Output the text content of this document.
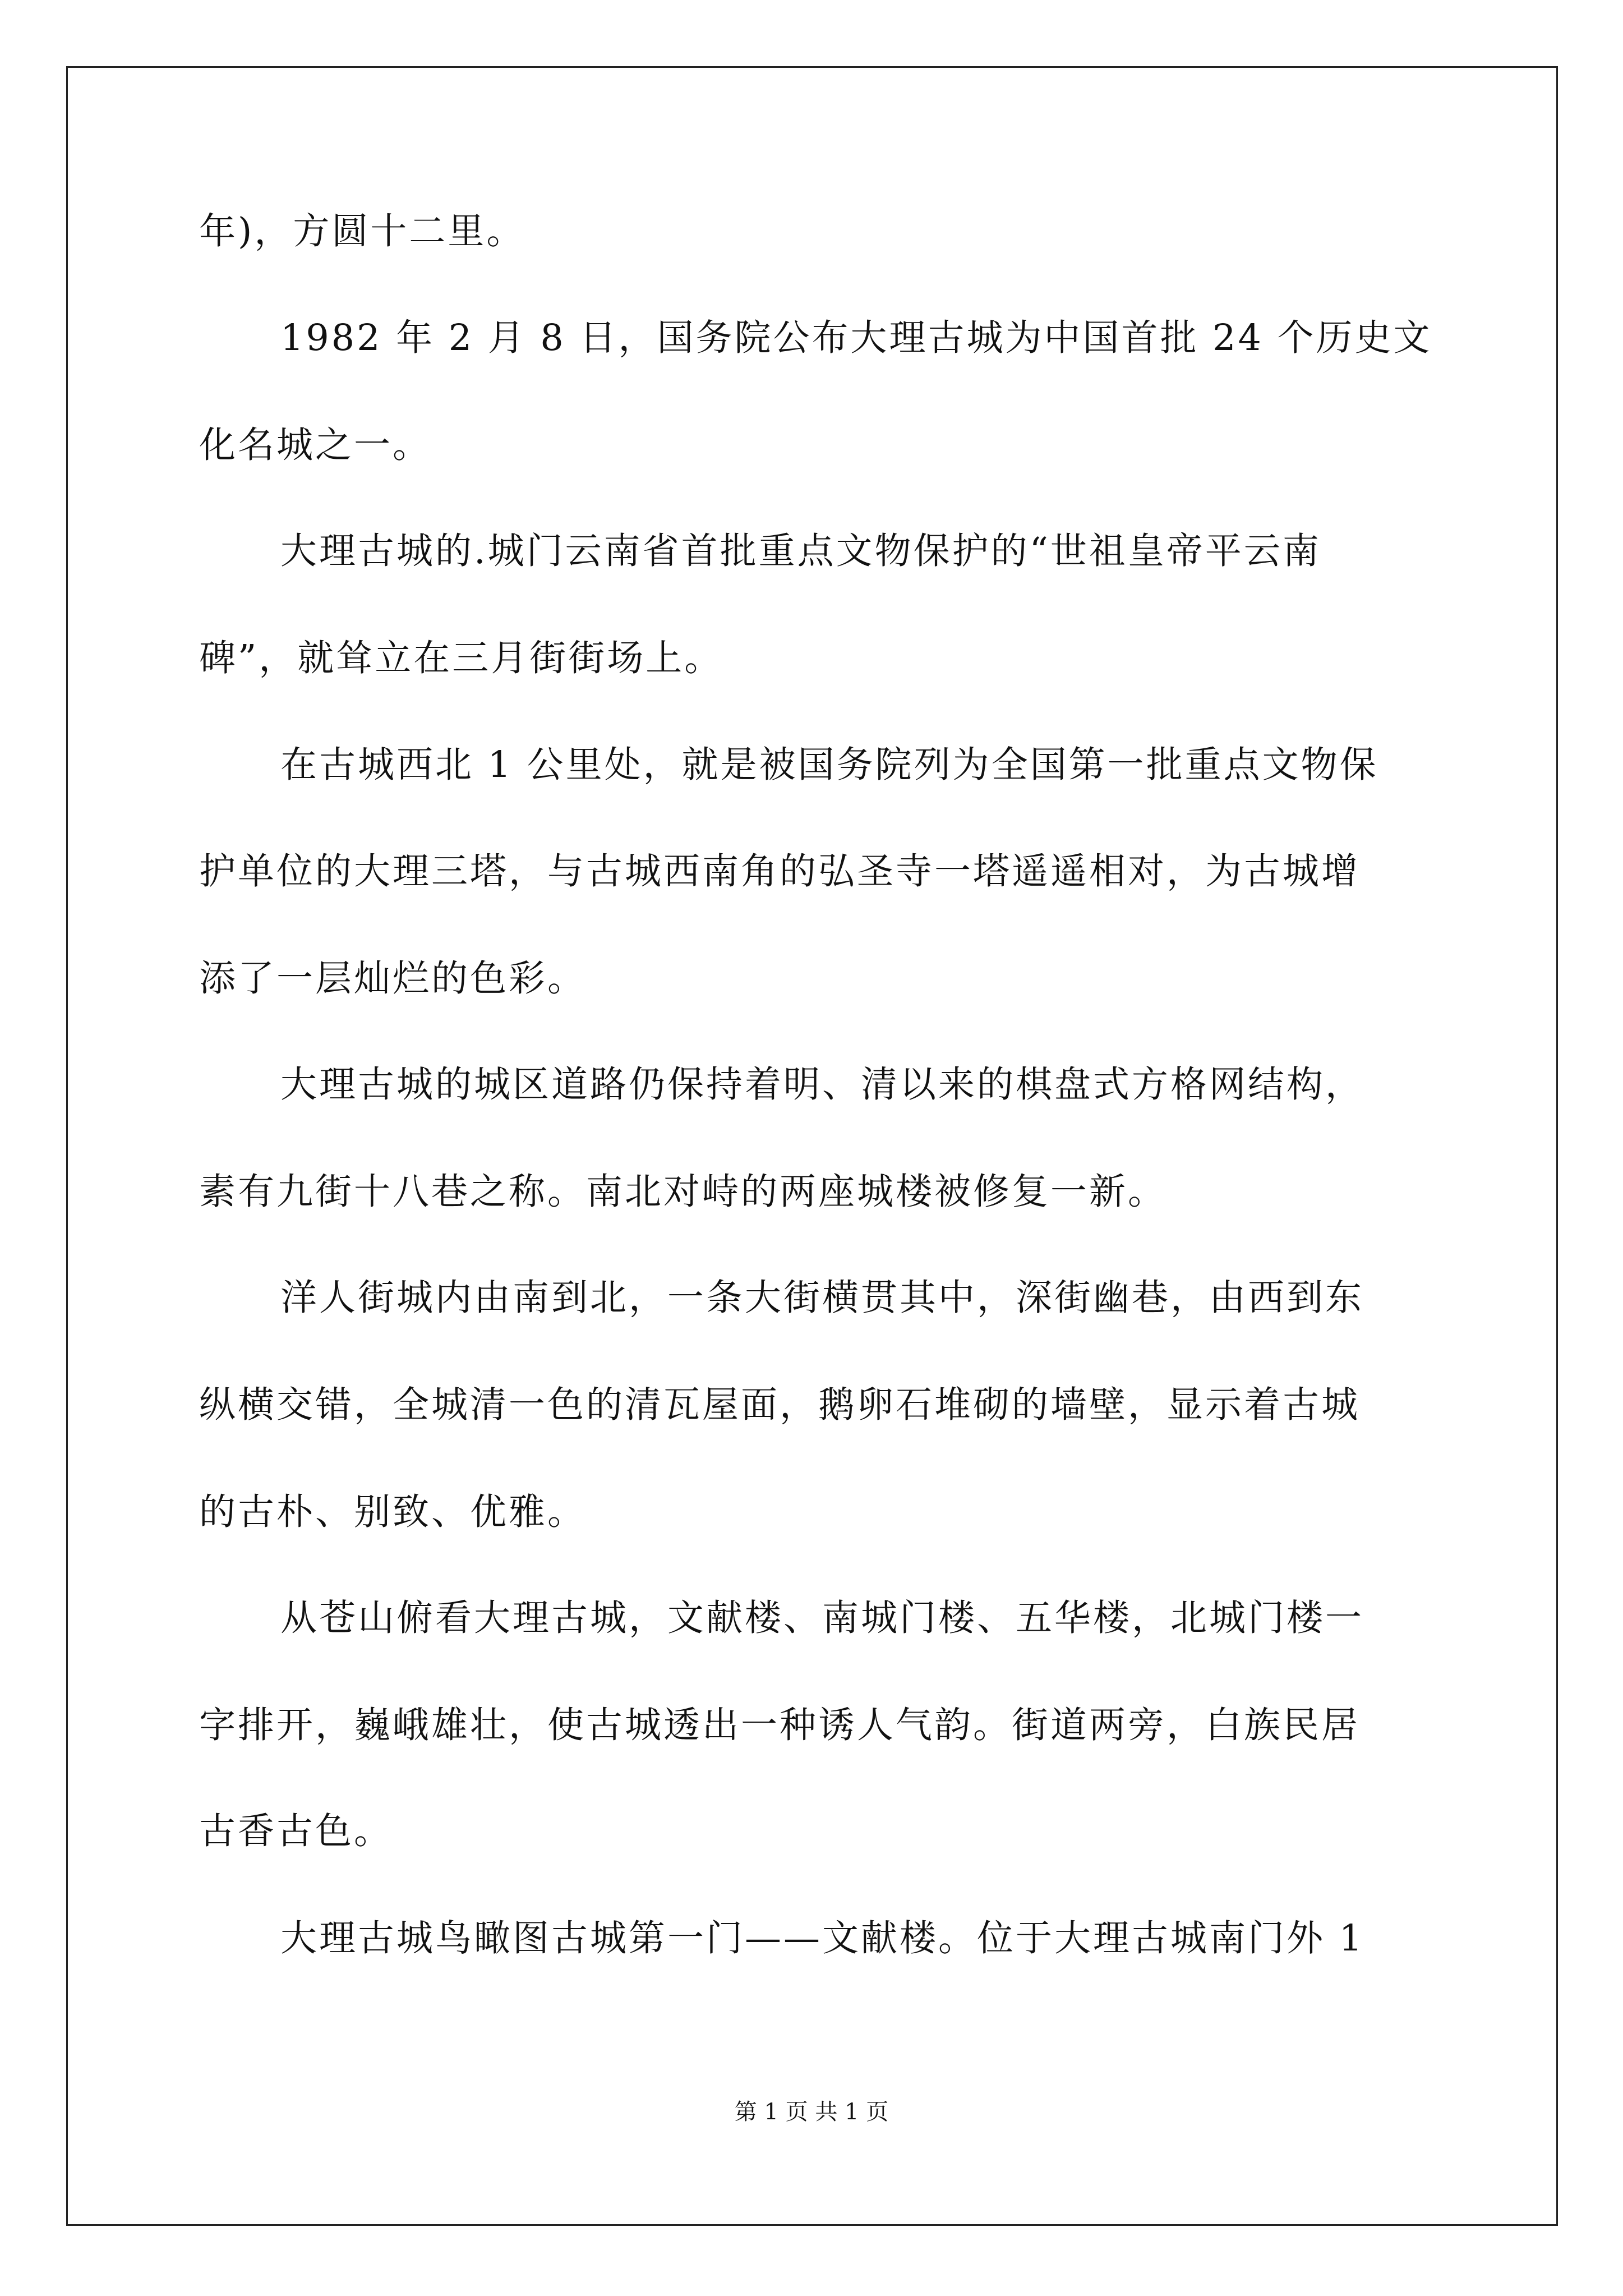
年)，方圆十二里。

1982 年 2 月 8 日，国务院公布大理古城为中国首批 24 个历史文

化名城之一。

大理古城的.城门云南省首批重点文物保护的“世祖皇帝平云南

碑”，就耸立在三月街街场上。

在古城西北 1 公里处，就是被国务院列为全国第一批重点文物保

护单位的大理三塔，与古城西南角的弘圣寺一塔遥遥相对，为古城增

添了一层灿烂的色彩。

大理古城的城区道路仍保持着明、清以来的棋盘式方格网结构，

素有九街十八巷之称。南北对峙的两座城楼被修复一新。

洋人街城内由南到北，一条大街横贯其中，深街幽巷，由西到东

纵横交错，全城清一色的清瓦屋面，鹅卵石堆砌的墙壁，显示着古城

的古朴、别致、优雅。

从苍山俯看大理古城，文献楼、南城门楼、五华楼，北城门楼一

字排开，巍峨雄壮，使古城透出一种诱人气韵。街道两旁，白族民居

古香古色。

大理古城鸟瞰图古城第一门——文献楼。位于大理古城南门外 1

第 1 页 共 1 页
